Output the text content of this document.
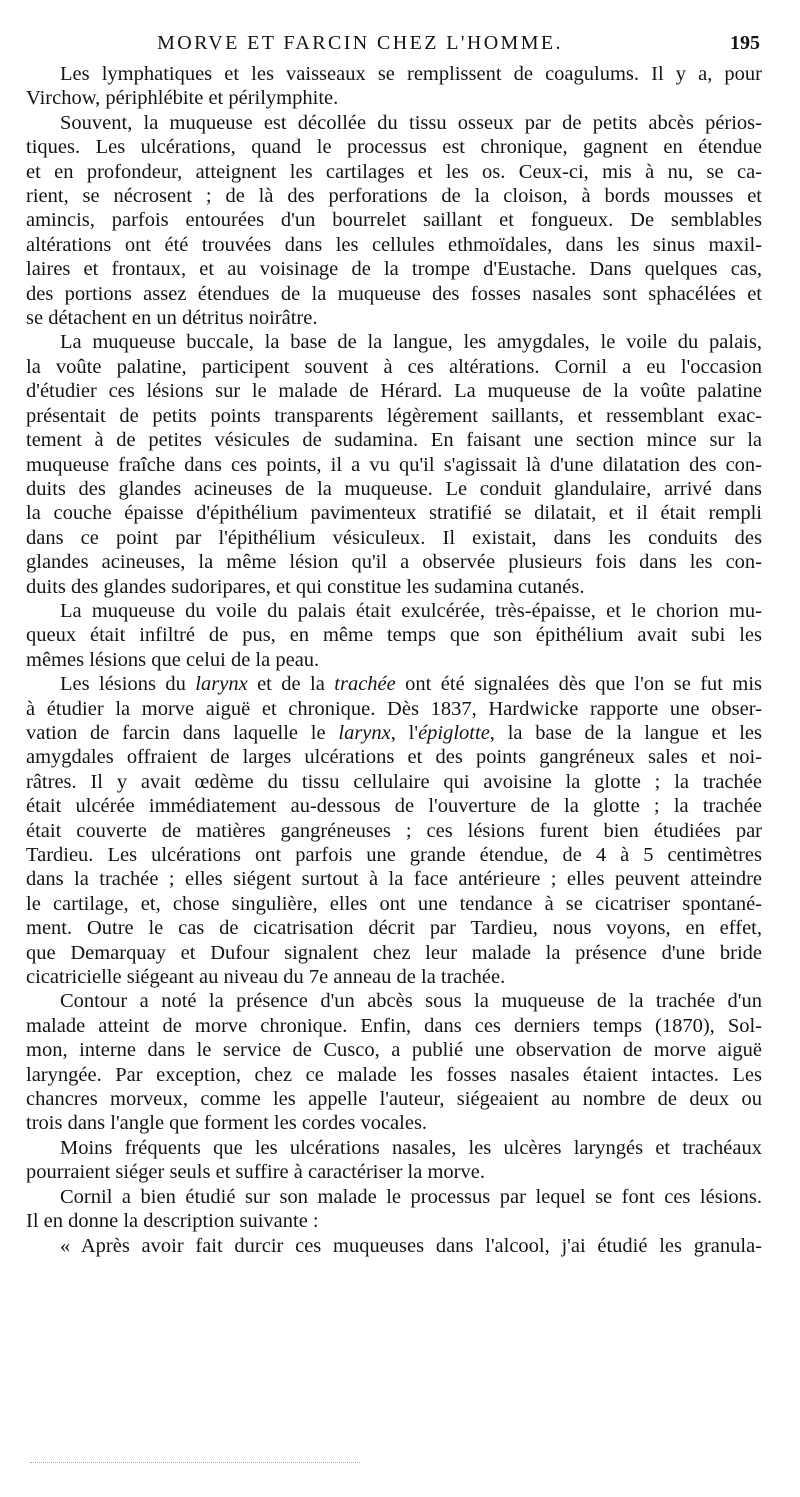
MORVE ET FARCIN CHEZ L'HOMME.	195
Les lymphatiques et les vaisseaux se remplissent de coagulums. Il y a, pour
Virchow, périphlébite et périlymphite.
Souvent, la muqueuse est décollée du tissu osseux par de petits abcès périos-
tiques. Les ulcérations, quand le processus est chronique, gagnent en étendue
et en profondeur, atteignent les cartilages et les os. Ceux-ci, mis à nu, se ca-
rient, se nécrosent ; de là des perforations de la cloison, à bords mousses et
amincis, parfois entourées d'un bourrelet saillant et fongueux. De semblables
altérations ont été trouvées dans les cellules ethmoïdales, dans les sinus maxil-
laires et frontaux, et au voisinage de la trompe d'Eustache. Dans quelques cas,
des portions assez étendues de la muqueuse des fosses nasales sont sphacélées et
se détachent en un détritus noirâtre.
La muqueuse buccale, la base de la langue, les amygdales, le voile du palais,
la voûte palatine, participent souvent à ces altérations. Cornil a eu l'occasion
d'étudier ces lésions sur le malade de Hérard. La muqueuse de la voûte palatine
présentait de petits points transparents légèrement saillants, et ressemblant exac-
tement à de petites vésicules de sudamina. En faisant une section mince sur la
muqueuse fraîche dans ces points, il a vu qu'il s'agissait là d'une dilatation des con-
duits des glandes acineuses de la muqueuse. Le conduit glandulaire, arrivé dans
la couche épaisse d'épithélium pavimenteux stratifié se dilatait, et il était rempli
dans ce point par l'épithélium vésiculeux. Il existait, dans les conduits des
glandes acineuses, la même lésion qu'il a observée plusieurs fois dans les con-
duits des glandes sudoripares, et qui constitue les sudamina cutanés.
La muqueuse du voile du palais était exulcérée, très-épaisse, et le chorion mu-
queux était infiltré de pus, en même temps que son épithélium avait subi les
mêmes lésions que celui de la peau.
Les lésions du larynx et de la trachée ont été signalées dès que l'on se fut mis
à étudier la morve aiguë et chronique. Dès 1837, Hardwicke rapporte une obser-
vation de farcin dans laquelle le larynx, l'épiglotte, la base de la langue et les
amygdales offraient de larges ulcérations et des points gangréneux sales et noi-
râtres. Il y avait œdème du tissu cellulaire qui avoisine la glotte ; la trachée
était ulcérée immédiatement au-dessous de l'ouverture de la glotte ; la trachée
était couverte de matières gangréneuses ; ces lésions furent bien étudiées par
Tardieu. Les ulcérations ont parfois une grande étendue, de 4 à 5 centimètres
dans la trachée ; elles siégent surtout à la face antérieure ; elles peuvent atteindre
le cartilage, et, chose singulière, elles ont une tendance à se cicatriser spontané-
ment. Outre le cas de cicatrisation décrit par Tardieu, nous voyons, en effet,
que Demarquay et Dufour signalent chez leur malade la présence d'une bride
cicatricielle siégeant au niveau du 7e anneau de la trachée.
Contour a noté la présence d'un abcès sous la muqueuse de la trachée d'un
malade atteint de morve chronique. Enfin, dans ces derniers temps (1870), Sol-
mon, interne dans le service de Cusco, a publié une observation de morve aiguë
laryngée. Par exception, chez ce malade les fosses nasales étaient intactes. Les
chancres morveux, comme les appelle l'auteur, siégeaient au nombre de deux ou
trois dans l'angle que forment les cordes vocales.
Moins fréquents que les ulcérations nasales, les ulcères laryngés et trachéaux
pourraient siéger seuls et suffire à caractériser la morve.
Cornil a bien étudié sur son malade le processus par lequel se font ces lésions.
Il en donne la description suivante :
« Après avoir fait durcir ces muqueuses dans l'alcool, j'ai étudié les granula-
